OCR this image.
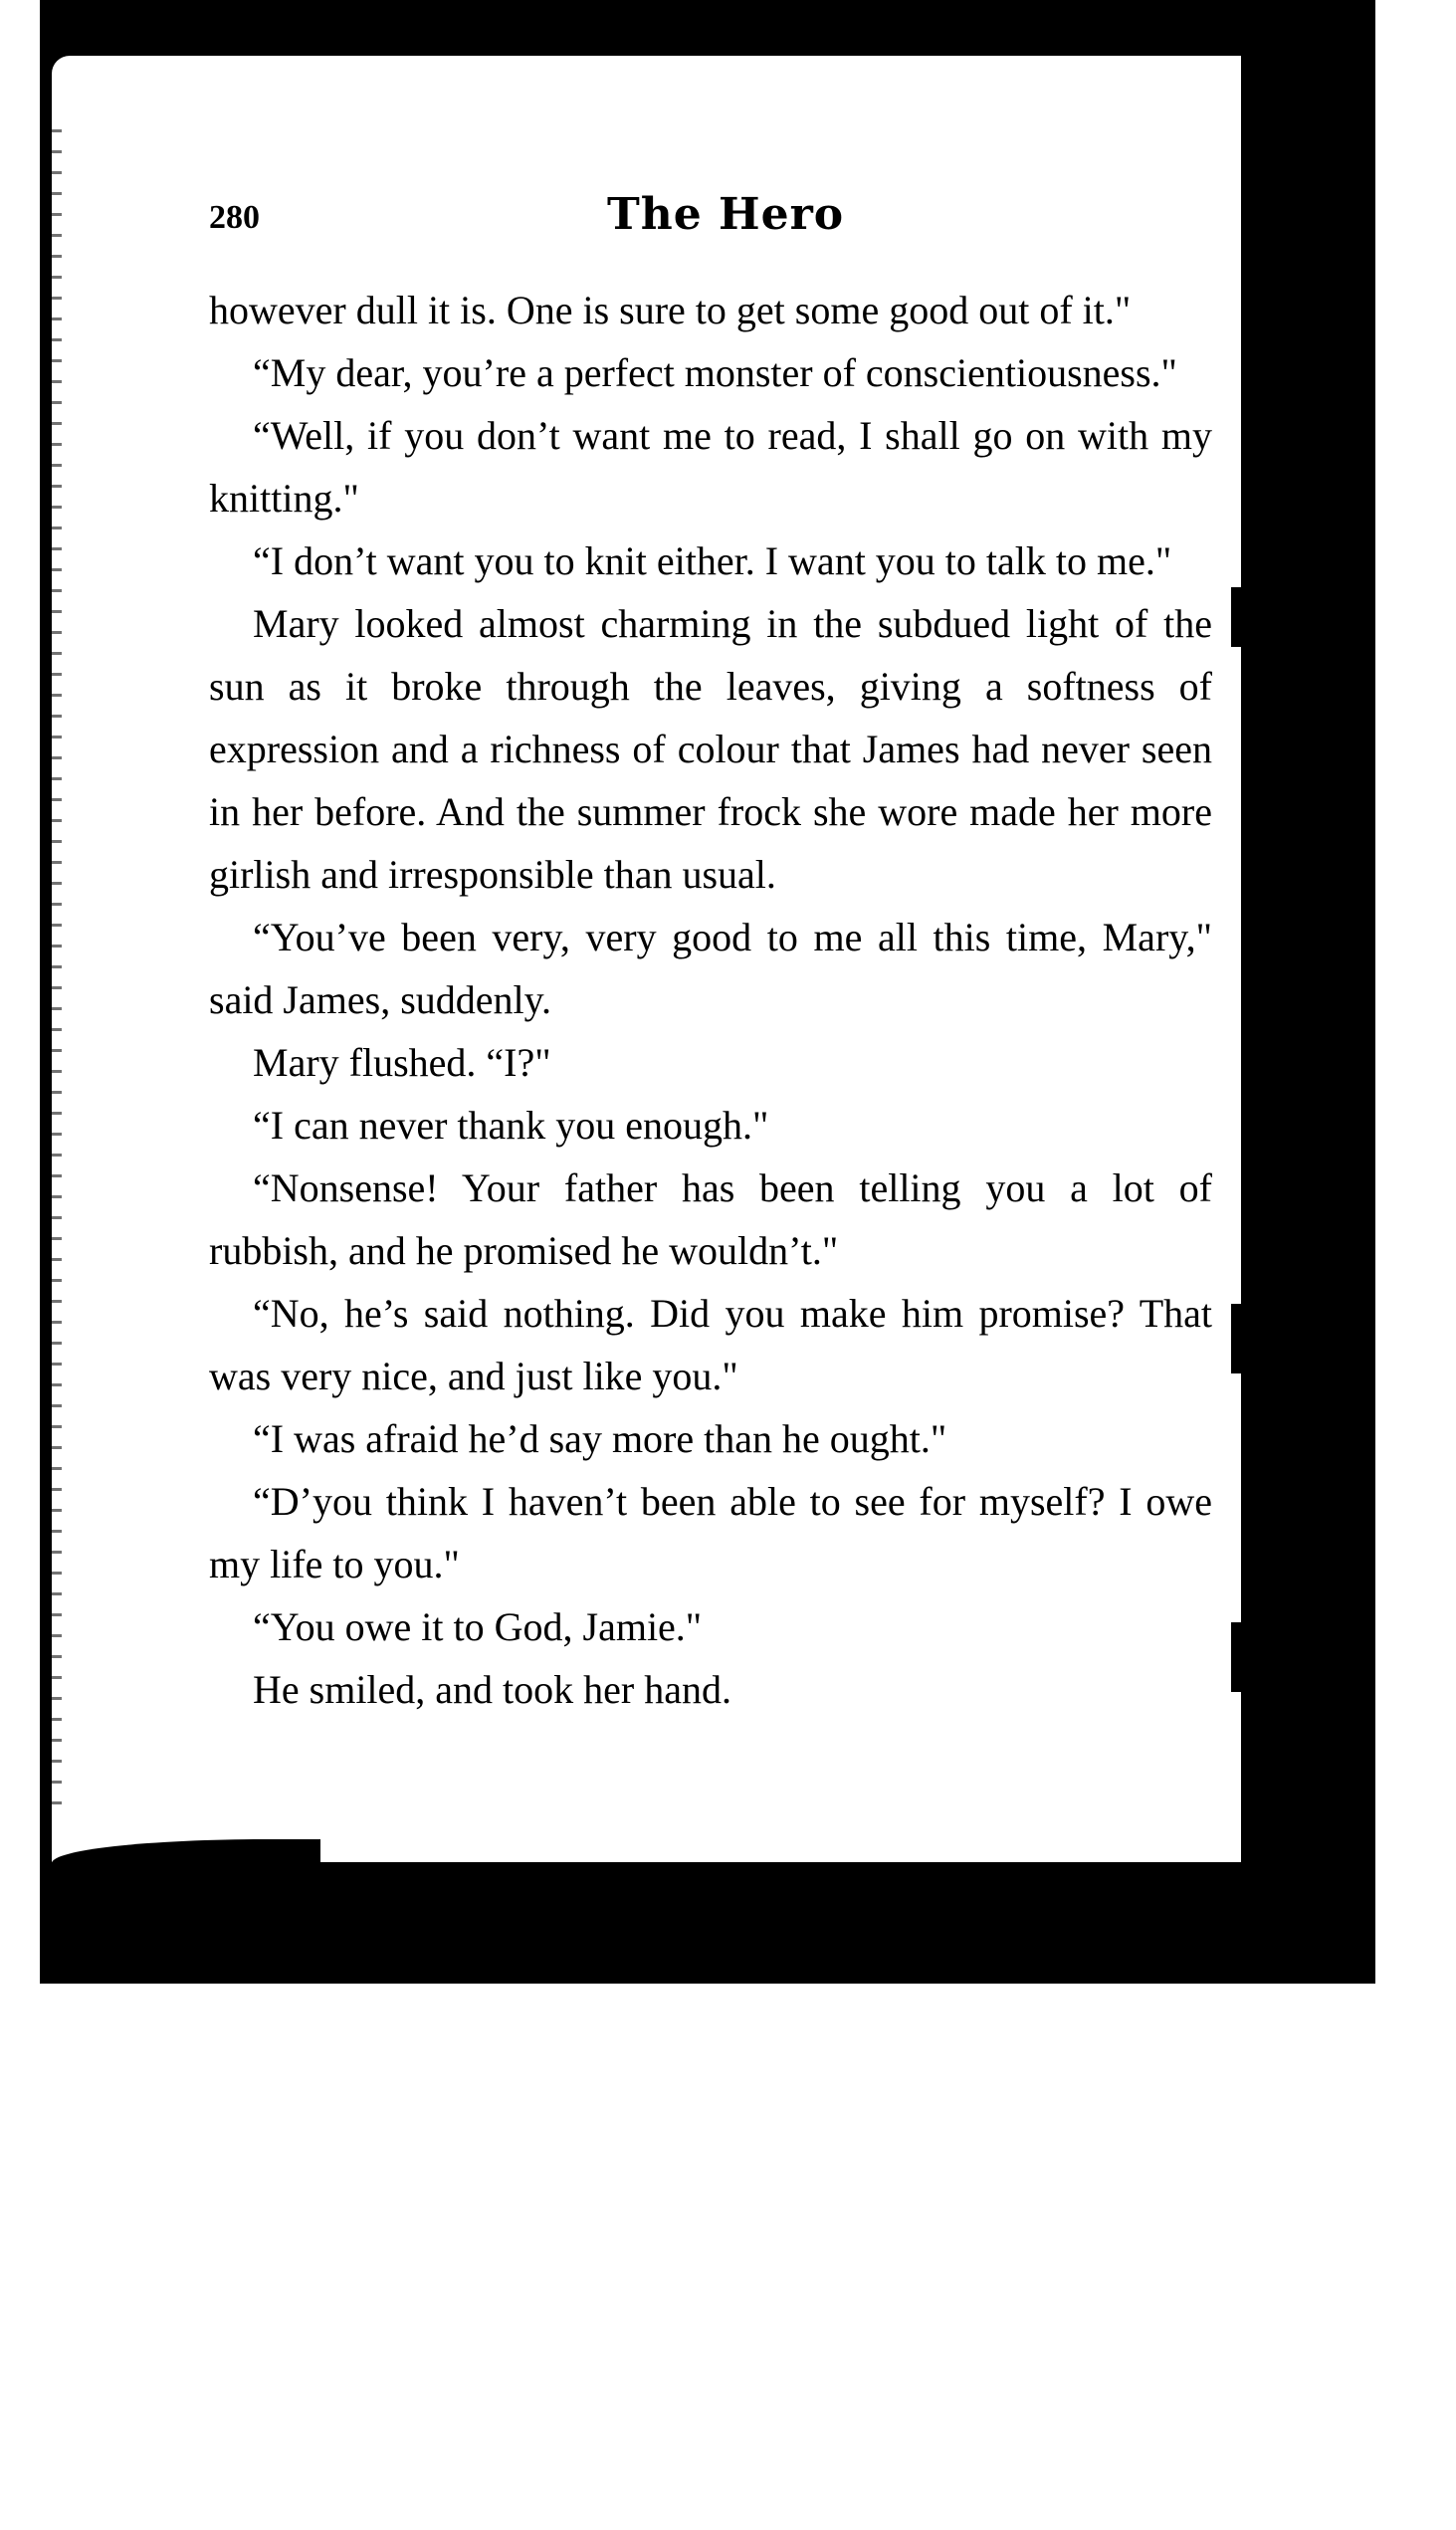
280	The Hero

however dull it is. One is sure to get some good out of it."

“My dear, you’re a perfect monster of conscientiousness."

“Well, if you don’t want me to read, I shall go on with my knitting."

“I don’t want you to knit either. I want you to talk to me."

Mary looked almost charming in the subdued light of the sun as it broke through the leaves, giving a softness of expression and a richness of colour that James had never seen in her before. And the summer frock she wore made her more girlish and irresponsible than usual.

“You’ve been very, very good to me all this time, Mary," said James, suddenly.

Mary flushed. “I?"

“I can never thank you enough."

“Nonsense! Your father has been telling you a lot of rubbish, and he promised he wouldn’t."

“No, he’s said nothing. Did you make him promise? That was very nice, and just like you."

“I was afraid he’d say more than he ought."

“D’you think I haven’t been able to see for myself? I owe my life to you."

“You owe it to God, Jamie."

He smiled, and took her hand.
